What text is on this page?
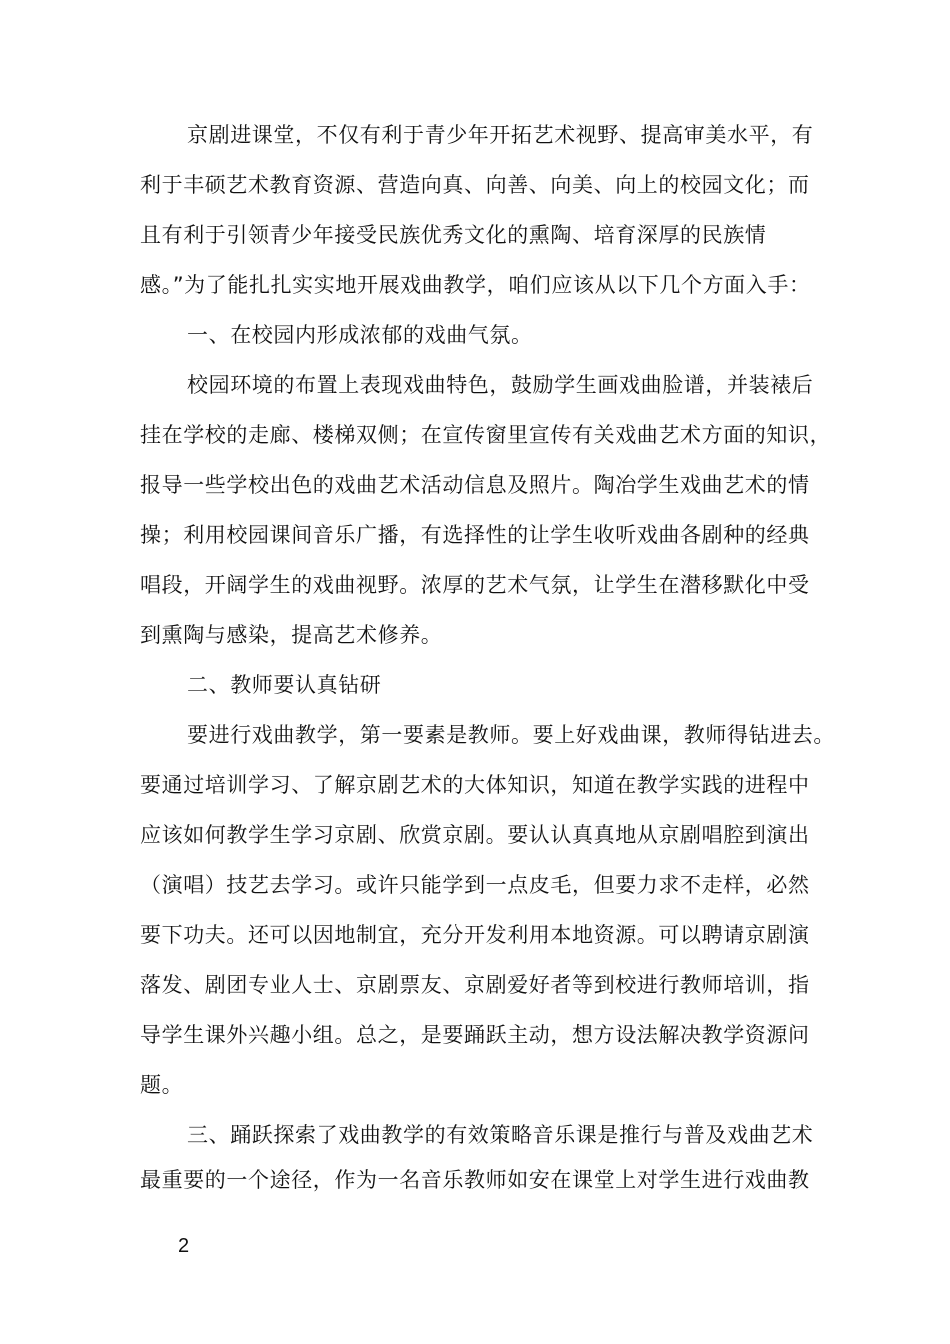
京剧进课堂，不仅有利于青少年开拓艺术视野、提高审美水平，有
利于丰硕艺术教育资源、营造向真、向善、向美、向上的校园文化；而
且有利于引领青少年接受民族优秀文化的熏陶、培育深厚的民族情
感。”为了能扎扎实实地开展戏曲教学，咱们应该从以下几个方面入手：
一、在校园内形成浓郁的戏曲气氛。
校园环境的布置上表现戏曲特色，鼓励学生画戏曲脸谱，并装裱后
挂在学校的走廊、楼梯双侧；在宣传窗里宣传有关戏曲艺术方面的知识，
报导一些学校出色的戏曲艺术活动信息及照片。陶冶学生戏曲艺术的情
操；利用校园课间音乐广播，有选择性的让学生收听戏曲各剧种的经典
唱段，开阔学生的戏曲视野。浓厚的艺术气氛，让学生在潜移默化中受
到熏陶与感染，提高艺术修养。
二、教师要认真钻研
要进行戏曲教学，第一要素是教师。要上好戏曲课，教师得钻进去。
要通过培训学习、了解京剧艺术的大体知识，知道在教学实践的进程中
应该如何教学生学习京剧、欣赏京剧。要认认真真地从京剧唱腔到演出
（演唱）技艺去学习。或许只能学到一点皮毛，但要力求不走样，必然
要下功夫。还可以因地制宜，充分开发利用本地资源。可以聘请京剧演
落发、剧团专业人士、京剧票友、京剧爱好者等到校进行教师培训，指
导学生课外兴趣小组。总之，是要踊跃主动，想方设法解决教学资源问
题。
三、踊跃探索了戏曲教学的有效策略音乐课是推行与普及戏曲艺术
最重要的一个途径，作为一名音乐教师如安在课堂上对学生进行戏曲教
2
